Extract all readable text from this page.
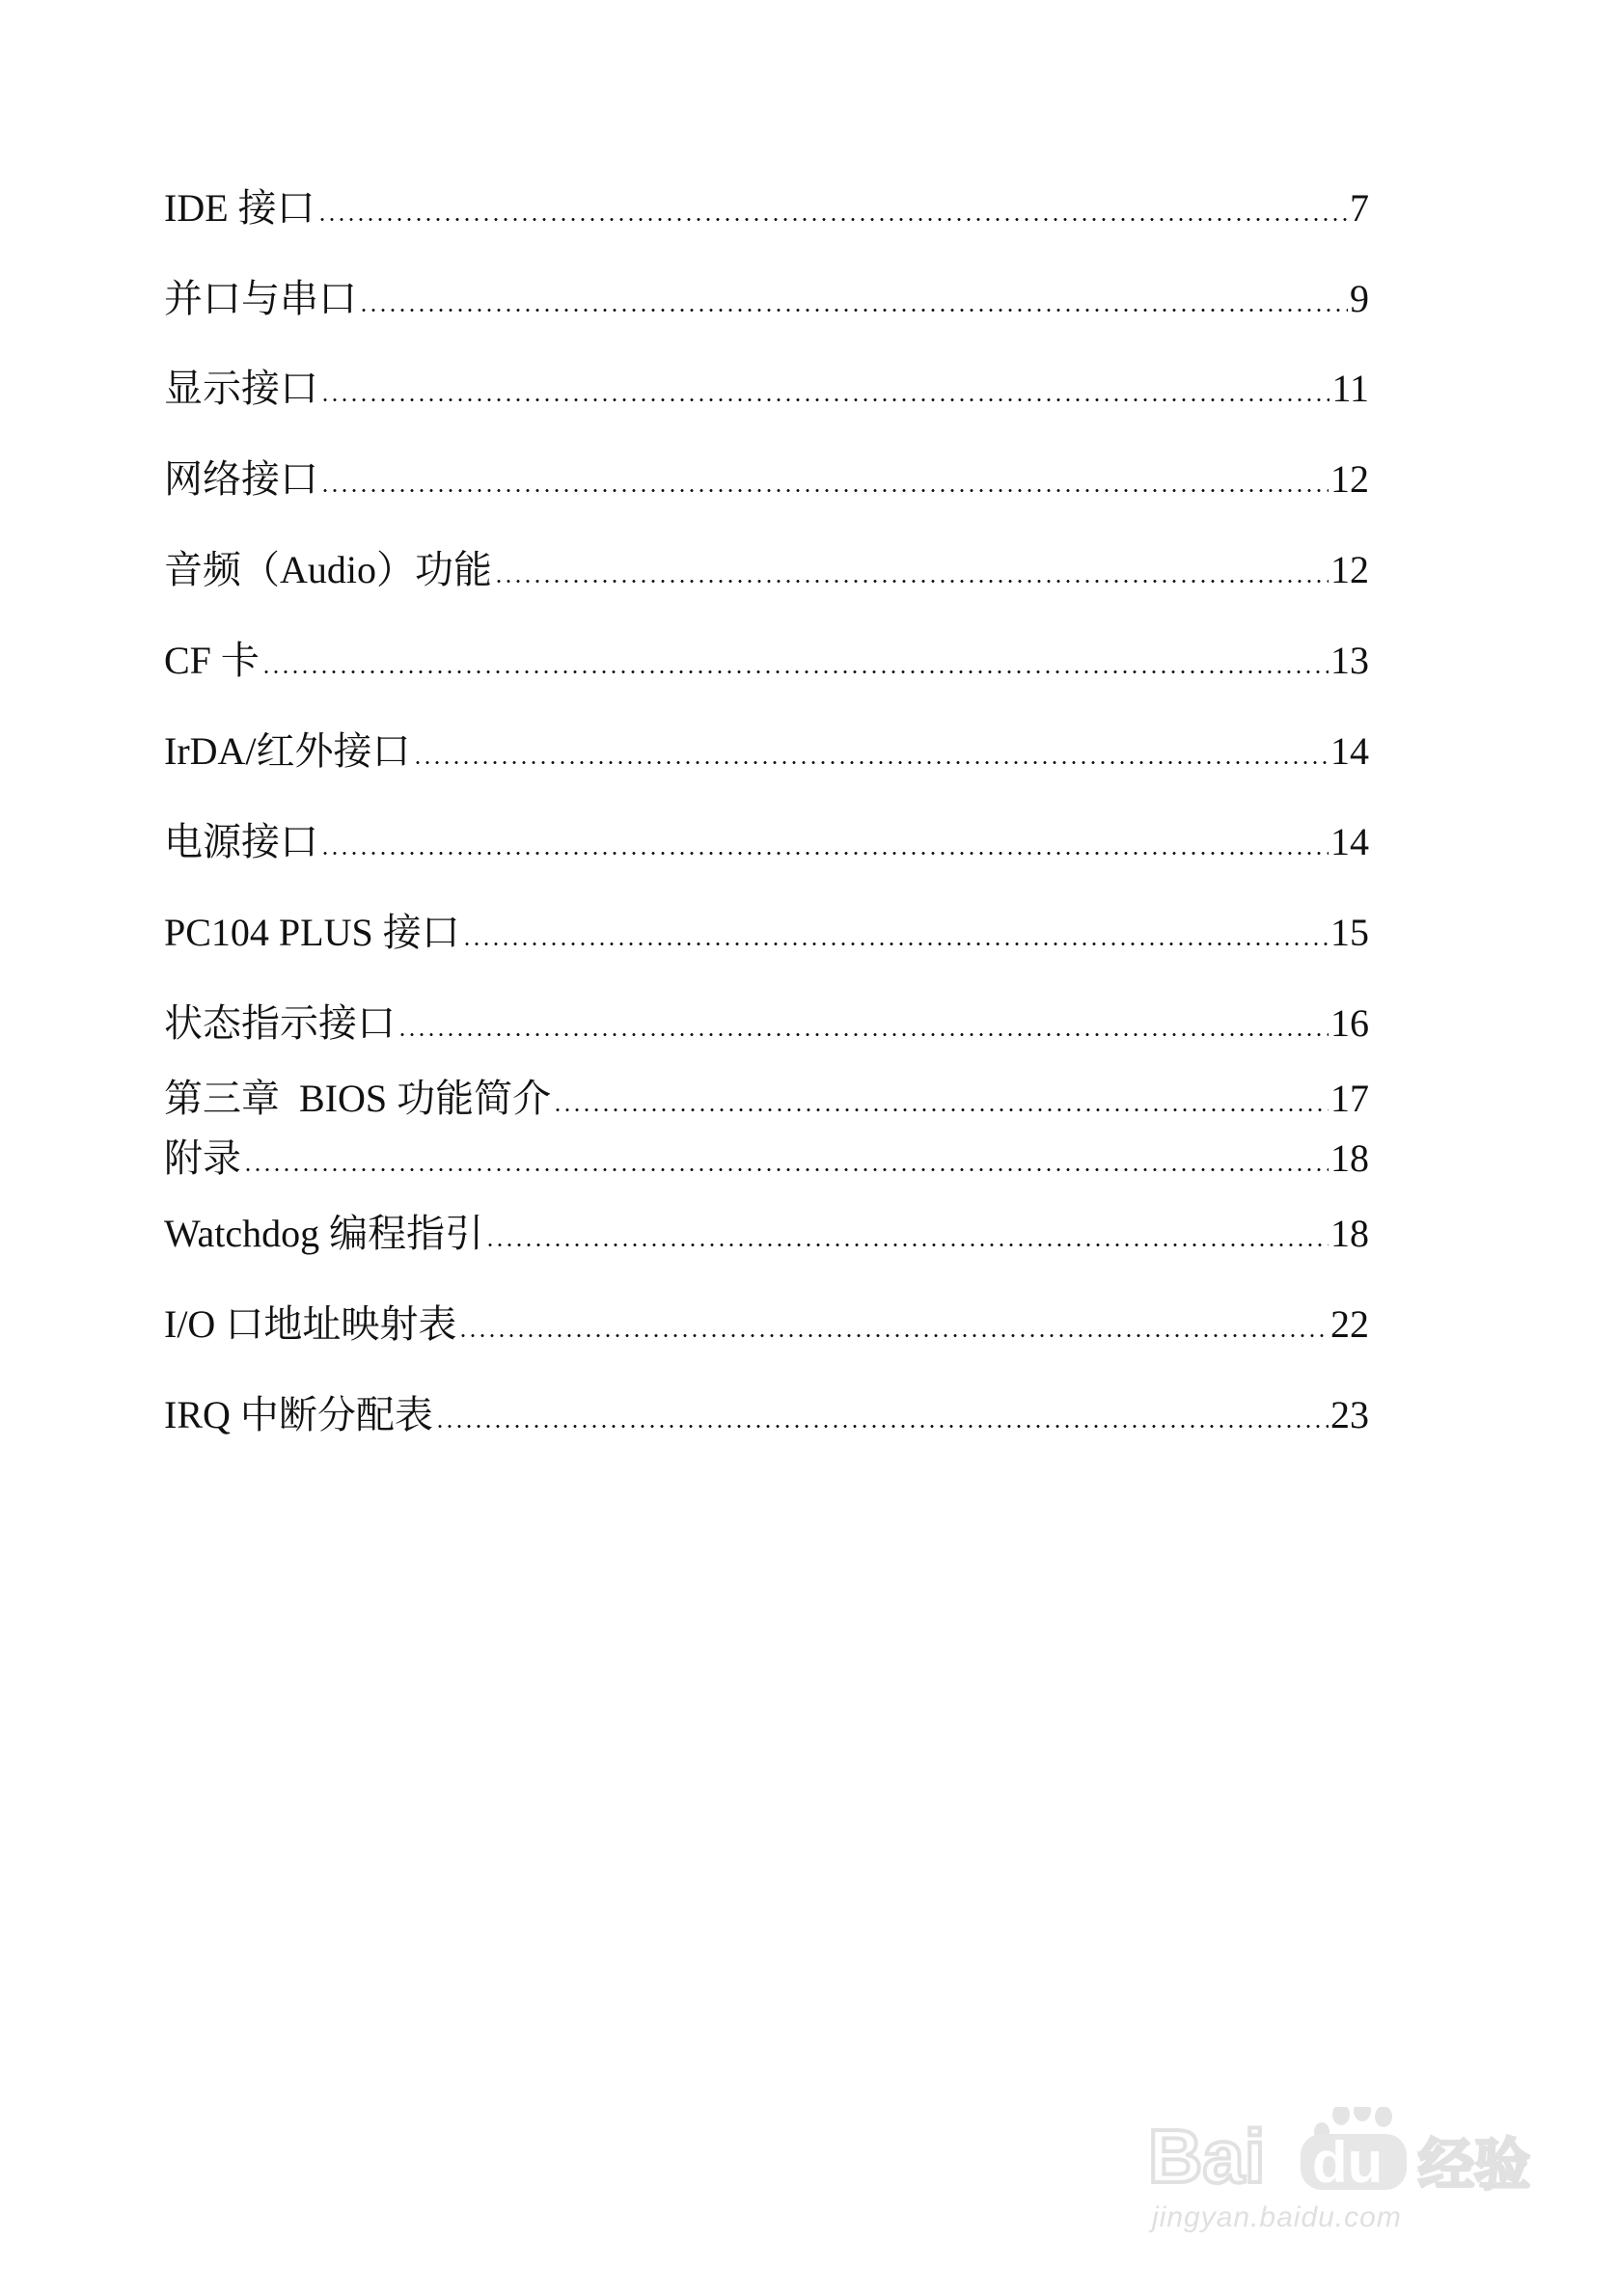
IDE 接口	7
并口与串口	9
显示接口	11
网络接口	12
音频（Audio）功能	12
CF 卡	13
IrDA/红外接口	14
电源接口	14
PC104 PLUS 接口	15
状态指示接口	16
第三章  BIOS 功能简介	17
附录	18
Watchdog 编程指引	18
I/O 口地址映射表	22
IRQ 中断分配表	23
Bai du 经验
jingyan.baidu.com
